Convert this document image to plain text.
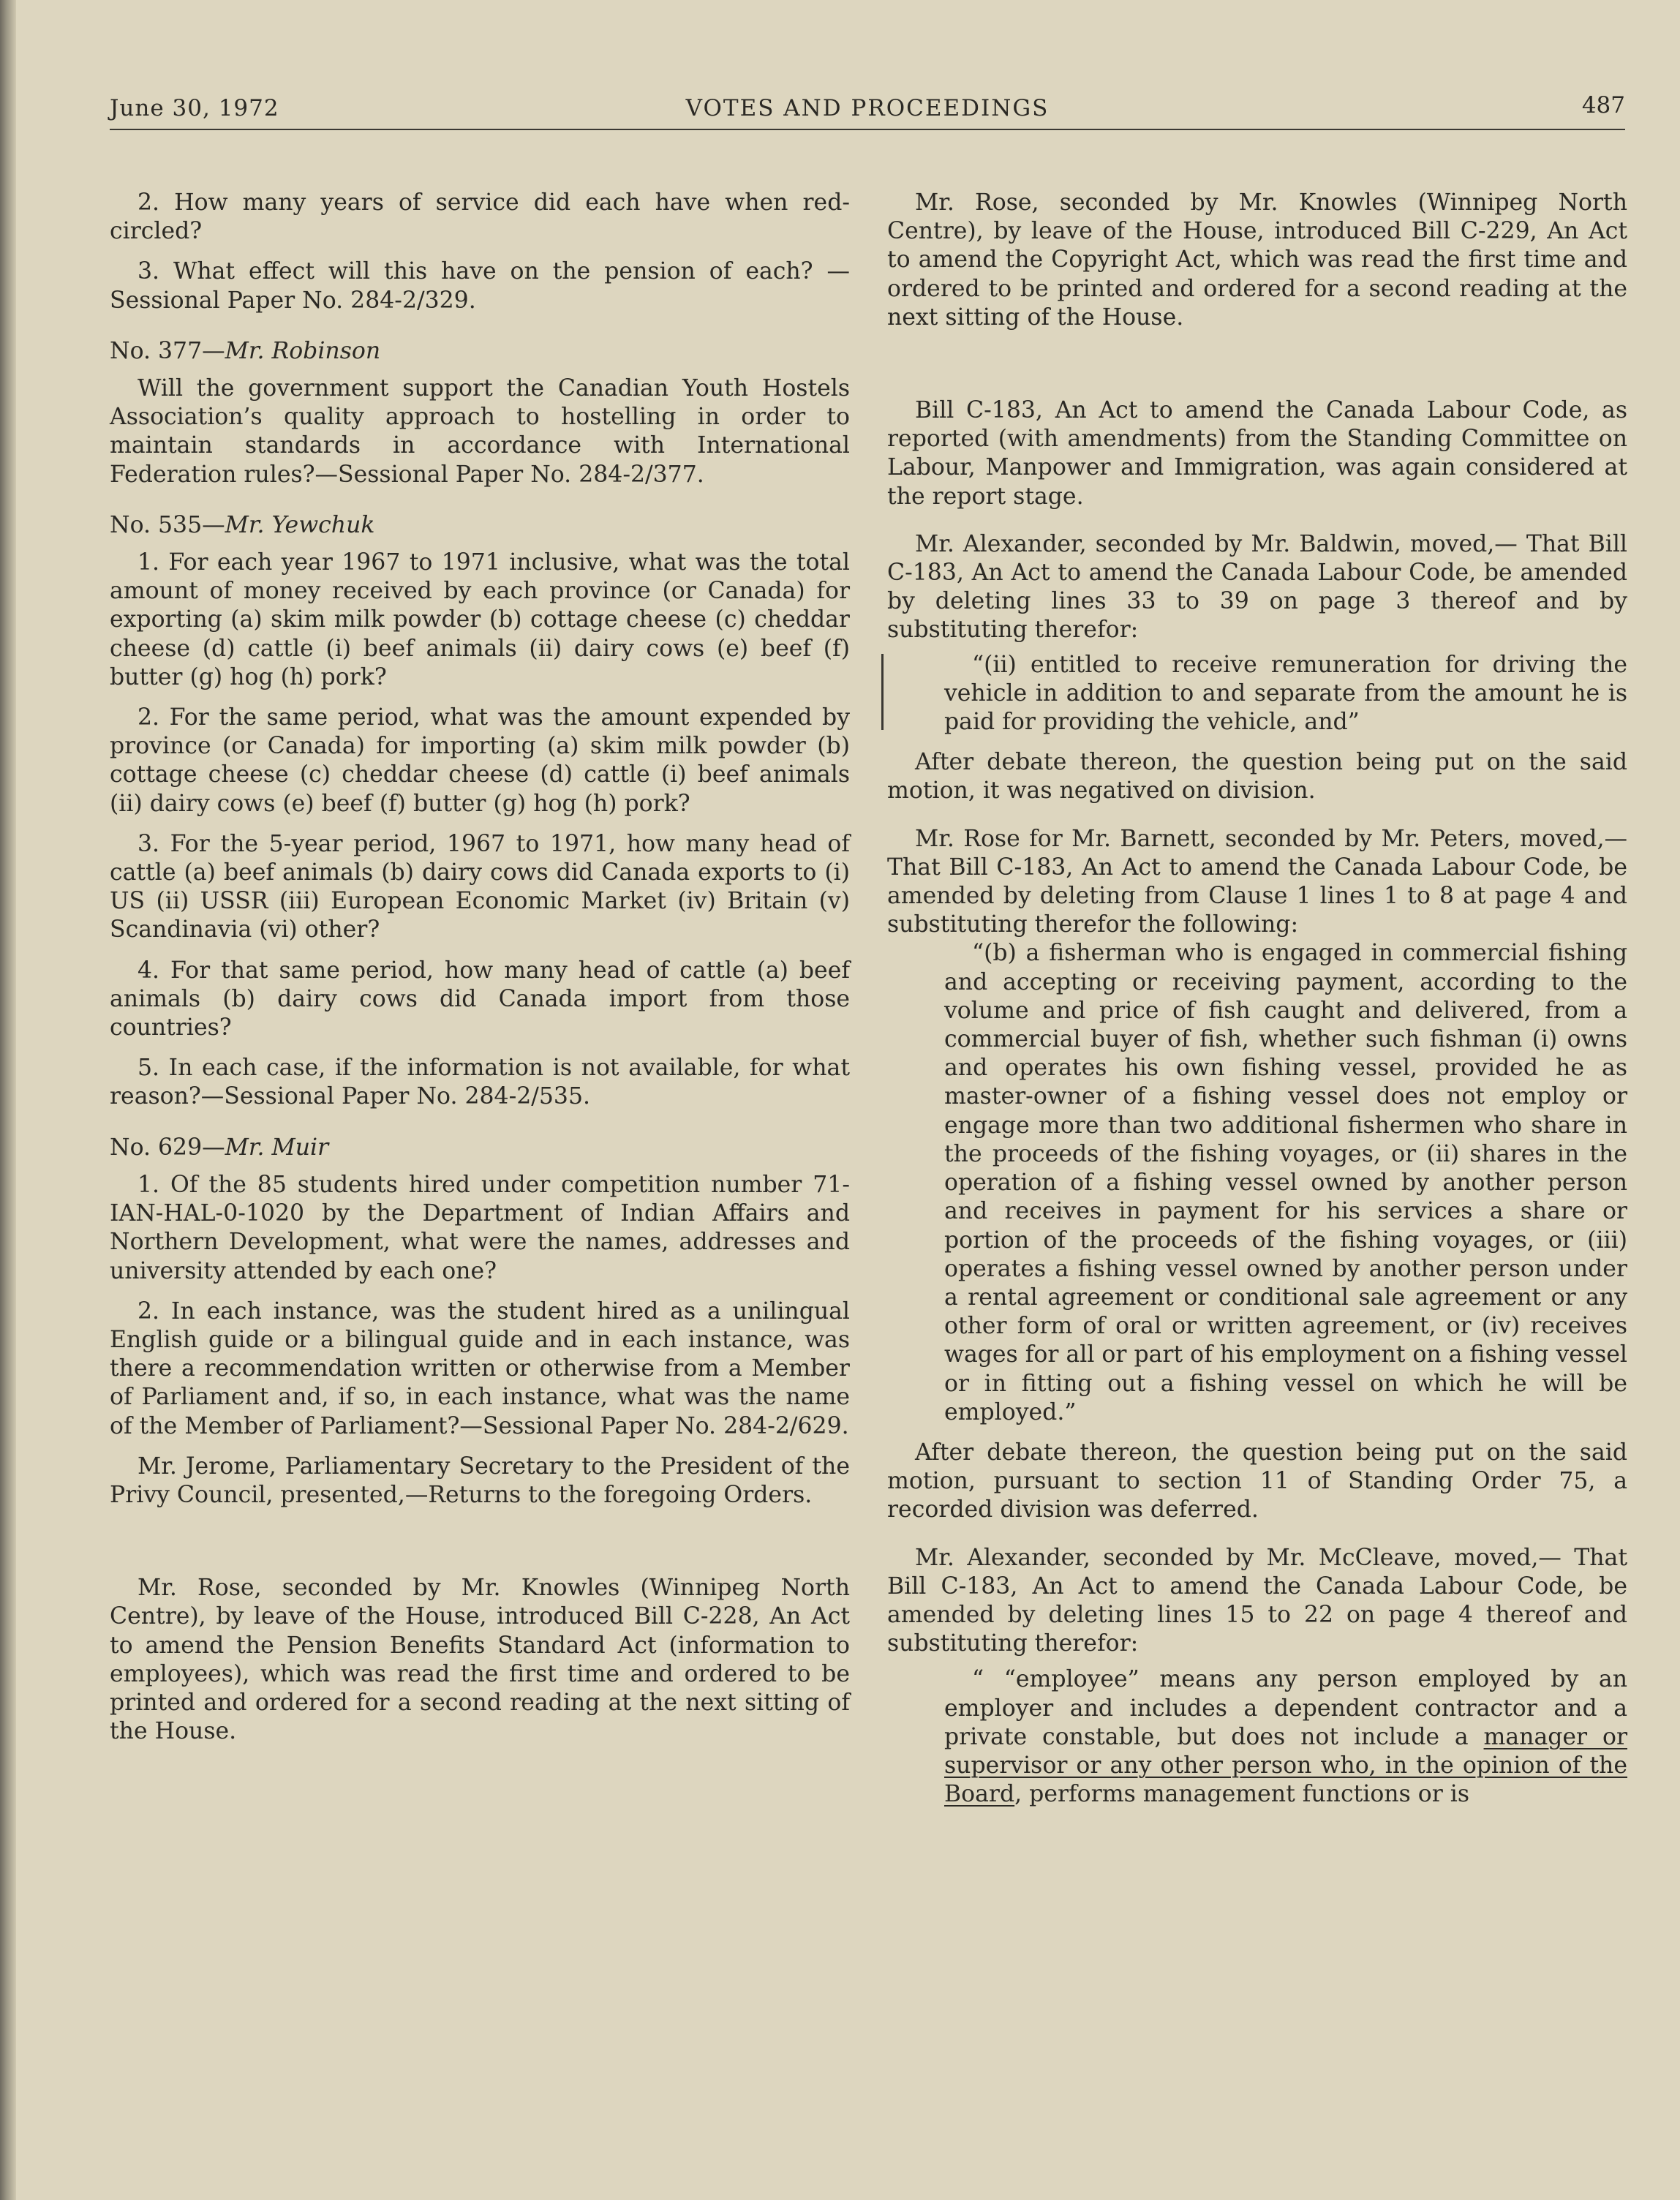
June 30, 1972	VOTES AND PROCEEDINGS	487

2. How many years of service did each have when red-circled?

3. What effect will this have on the pension of each? —Sessional Paper No. 284-2/329.

No. 377—Mr. Robinson

Will the government support the Canadian Youth Hostels Association’s quality approach to hostelling in order to maintain standards in accordance with International Federation rules?—Sessional Paper No. 284-2/377.

No. 535—Mr. Yewchuk

1. For each year 1967 to 1971 inclusive, what was the total amount of money received by each province (or Canada) for exporting (a) skim milk powder (b) cottage cheese (c) cheddar cheese (d) cattle (i) beef animals (ii) dairy cows (e) beef (f) butter (g) hog (h) pork?

2. For the same period, what was the amount expended by province (or Canada) for importing (a) skim milk powder (b) cottage cheese (c) cheddar cheese (d) cattle (i) beef animals (ii) dairy cows (e) beef (f) butter (g) hog (h) pork?

3. For the 5-year period, 1967 to 1971, how many head of cattle (a) beef animals (b) dairy cows did Canada exports to (i) US (ii) USSR (iii) European Economic Market (iv) Britain (v) Scandinavia (vi) other?

4. For that same period, how many head of cattle (a) beef animals (b) dairy cows did Canada import from those countries?

5. In each case, if the information is not available, for what reason?—Sessional Paper No. 284-2/535.

No. 629—Mr. Muir

1. Of the 85 students hired under competition number 71-IAN-HAL-0-1020 by the Department of Indian Affairs and Northern Development, what were the names, addresses and university attended by each one?

2. In each instance, was the student hired as a unilingual English guide or a bilingual guide and in each instance, was there a recommendation written or otherwise from a Member of Parliament and, if so, in each instance, what was the name of the Member of Parliament?—Sessional Paper No. 284-2/629.

Mr. Jerome, Parliamentary Secretary to the President of the Privy Council, presented,—Returns to the foregoing Orders.

Mr. Rose, seconded by Mr. Knowles (Winnipeg North Centre), by leave of the House, introduced Bill C-228, An Act to amend the Pension Benefits Standard Act (information to employees), which was read the first time and ordered to be printed and ordered for a second reading at the next sitting of the House.

Mr. Rose, seconded by Mr. Knowles (Winnipeg North Centre), by leave of the House, introduced Bill C-229, An Act to amend the Copyright Act, which was read the first time and ordered to be printed and ordered for a second reading at the next sitting of the House.

Bill C-183, An Act to amend the Canada Labour Code, as reported (with amendments) from the Standing Committee on Labour, Manpower and Immigration, was again considered at the report stage.

Mr. Alexander, seconded by Mr. Baldwin, moved,— That Bill C-183, An Act to amend the Canada Labour Code, be amended by deleting lines 33 to 39 on page 3 thereof and by substituting therefor:

“(ii) entitled to receive remuneration for driving the vehicle in addition to and separate from the amount he is paid for providing the vehicle, and”

After debate thereon, the question being put on the said motion, it was negatived on division.

Mr. Rose for Mr. Barnett, seconded by Mr. Peters, moved,—That Bill C-183, An Act to amend the Canada Labour Code, be amended by deleting from Clause 1 lines 1 to 8 at page 4 and substituting therefor the following:

“(b) a fisherman who is engaged in commercial fishing and accepting or receiving payment, according to the volume and price of fish caught and delivered, from a commercial buyer of fish, whether such fishman (i) owns and operates his own fishing vessel, provided he as master-owner of a fishing vessel does not employ or engage more than two additional fishermen who share in the proceeds of the fishing voyages, or (ii) shares in the operation of a fishing vessel owned by another person and receives in payment for his services a share or portion of the proceeds of the fishing voyages, or (iii) operates a fishing vessel owned by another person under a rental agreement or conditional sale agreement or any other form of oral or written agreement, or (iv) receives wages for all or part of his employment on a fishing vessel or in fitting out a fishing vessel on which he will be employed.”

After debate thereon, the question being put on the said motion, pursuant to section 11 of Standing Order 75, a recorded division was deferred.

Mr. Alexander, seconded by Mr. McCleave, moved,— That Bill C-183, An Act to amend the Canada Labour Code, be amended by deleting lines 15 to 22 on page 4 thereof and substituting therefor:

“ “employee” means any person employed by an employer and includes a dependent contractor and a private constable, but does not include a manager or supervisor or any other person who, in the opinion of the Board, performs management functions or is
